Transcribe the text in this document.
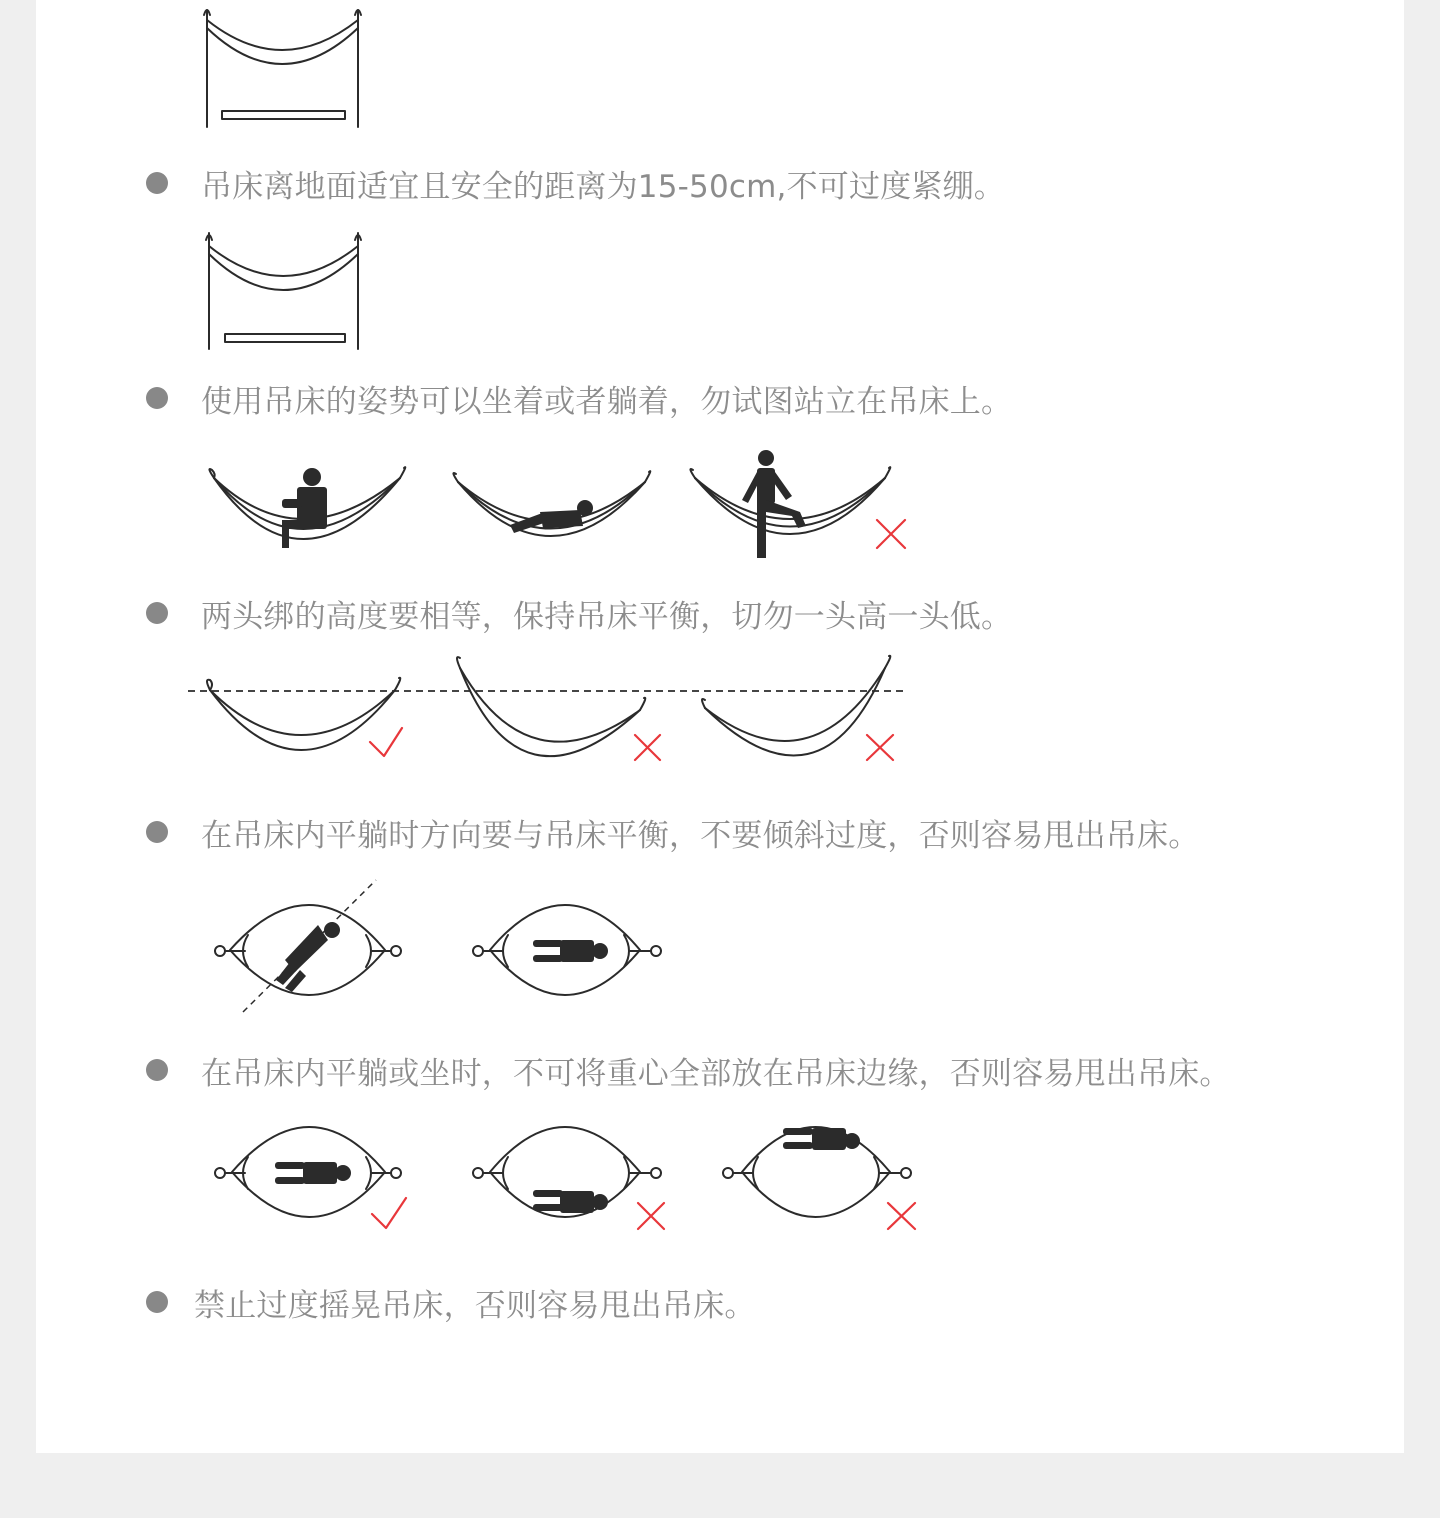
吊床离地面适宜且安全的距离为15-50cm,不可过度紧绷。
使用吊床的姿势可以坐着或者躺着，勿试图站立在吊床上。
两头绑的高度要相等，保持吊床平衡，切勿一头高一头低。
在吊床内平躺时方向要与吊床平衡，不要倾斜过度，否则容易甩出吊床。
在吊床内平躺或坐时，不可将重心全部放在吊床边缘，否则容易甩出吊床。
禁止过度摇晃吊床，否则容易甩出吊床。
